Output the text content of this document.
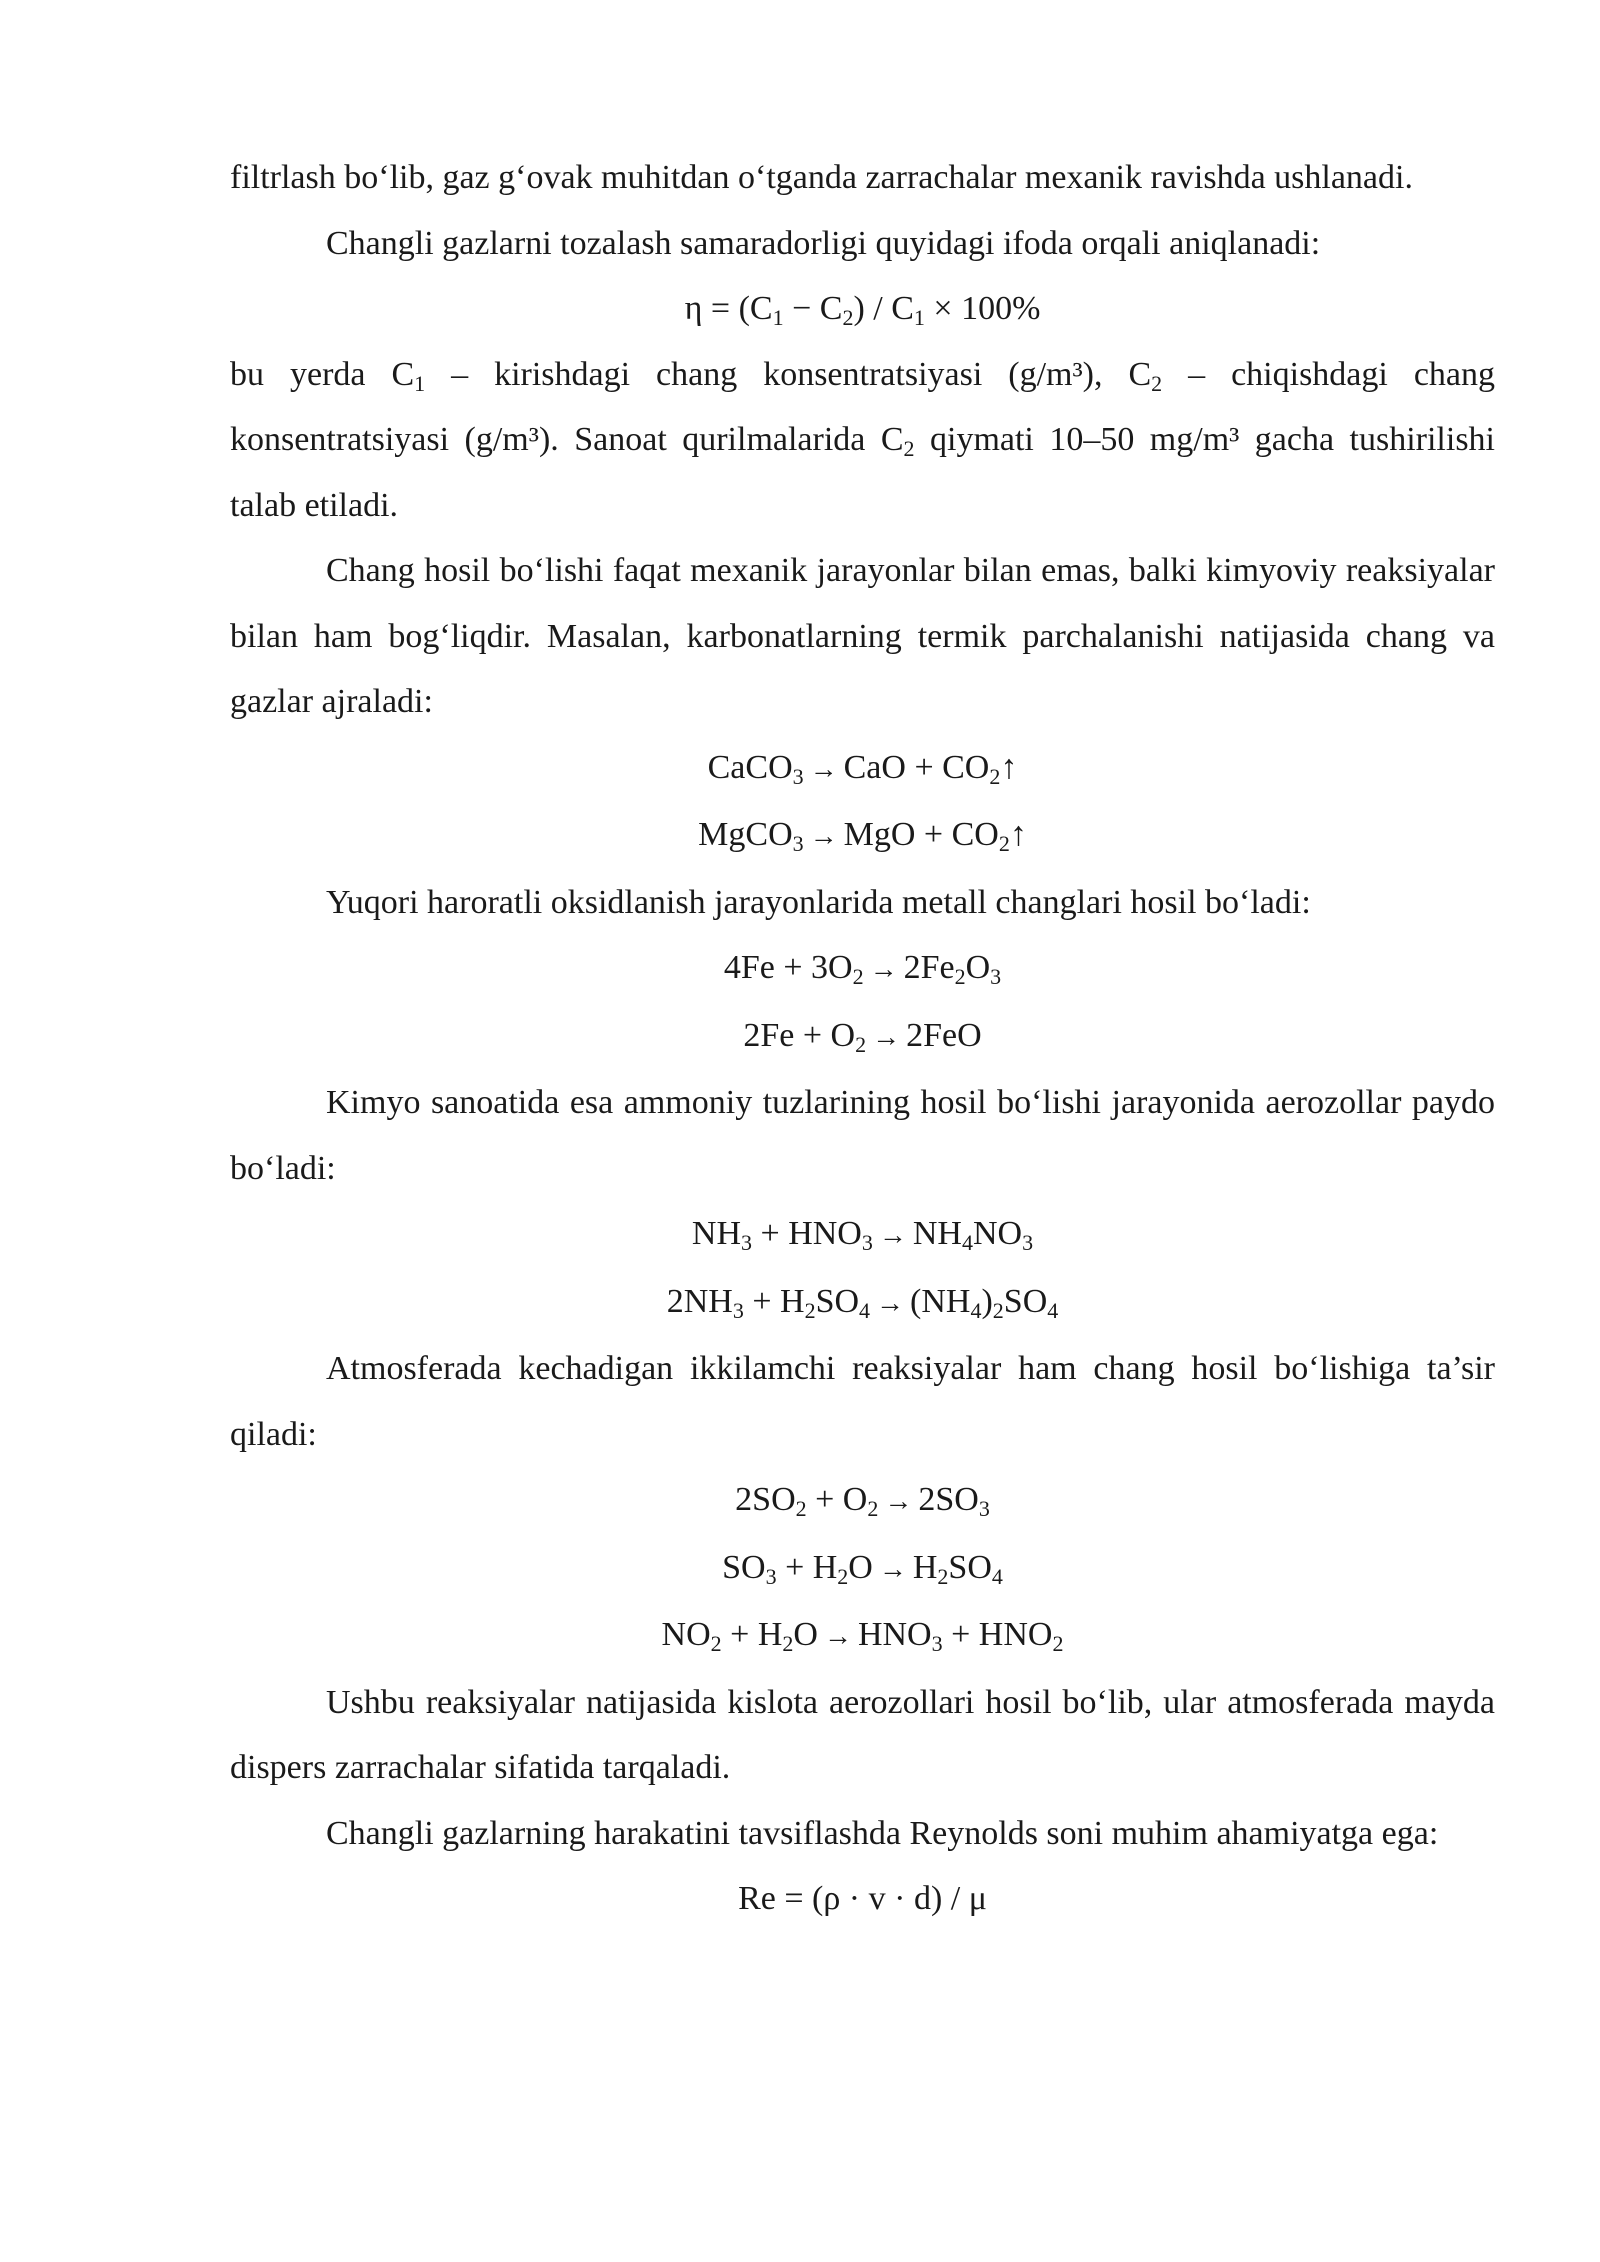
filtrlash bo‘lib, gaz g‘ovak muhitdan o‘tganda zarrachalar mexanik ravishda ushlanadi.

Changli gazlarni tozalash samaradorligi quyidagi ifoda orqali aniqlanadi:

$\eta = (C_1 - C_2) / C_1 \times 100\%$

bu yerda $C_1$ – kirishdagi chang konsentratsiyasi (g/m³), $C_2$ – chiqishdagi chang konsentratsiyasi (g/m³). Sanoat qurilmalarida $C_2$ qiymati 10–50 mg/m³ gacha tushirilishi talab etiladi.

Chang hosil bo‘lishi faqat mexanik jarayonlar bilan emas, balki kimyoviy reaksiyalar bilan ham bog‘liqdir. Masalan, karbonatlarning termik parchalanishi natijasida chang va gazlar ajraladi:

CaCO$_3$ → CaO + $CO_2↑$

MgCO$_3$ → MgO + $CO_2↑$

Yuqori haroratli oksidlanish jarayonlarida metall changlari hosil bo‘ladi:

$4Fe + 3O_2 \to 2Fe_2O_3$

$2Fe + O_2 \to 2FeO$

Kimyo sanoatida esa ammoniy tuzlarining hosil bo‘lishi jarayonida aerozollar paydo bo‘ladi:

$NH_3 + HNO_3 \to NH_4NO_3$

$2NH_3 + H_2SO_4 \to (NH_4)_2SO_4$

Atmosferada kechadigan ikkilamchi reaksiyalar ham chang hosil bo‘lishiga ta’sir qiladi:

$2SO_2 + O_2 \to 2SO_3$

$SO_3 + H_2O \to H_2SO_4$

$NO_2 + H_2O \to HNO_3 + HNO_2$

Ushbu reaksiyalar natijasida kislota aerozollari hosil bo‘lib, ular atmosferada mayda dispers zarrachalar sifatida tarqaladi.

Changli gazlarning harakatini tavsiflashda Reynolds soni muhim ahamiyatga ega:

Re = (ρ · v · d) / μ
